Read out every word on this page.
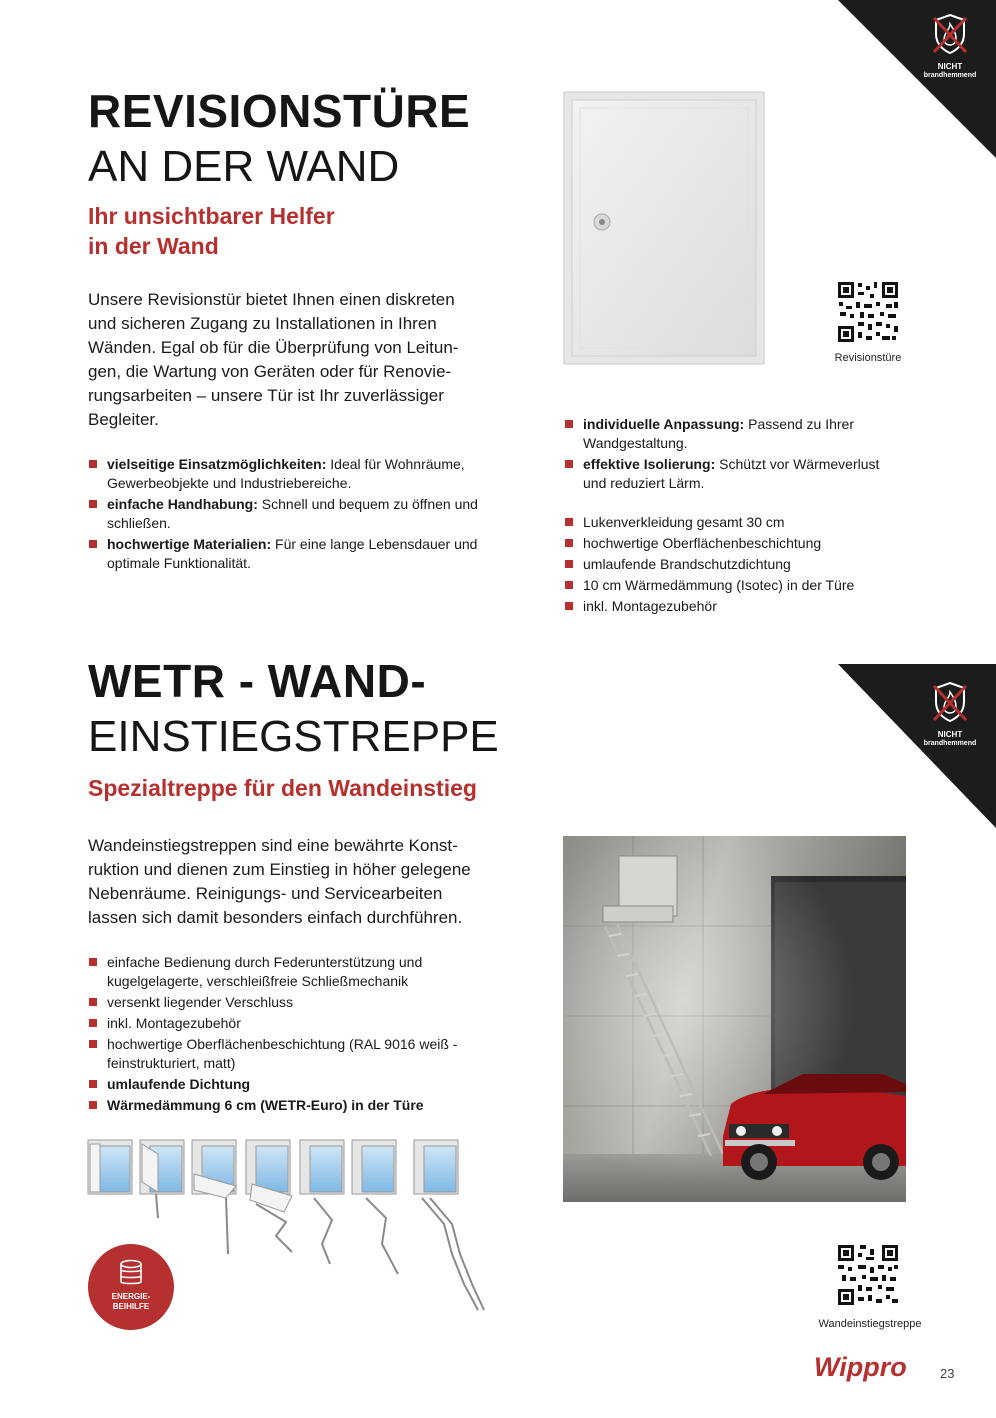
REVISIONSTÜRE
AN DER WAND
Ihr unsichtbarer Helfer
in der Wand
Unsere Revisionstür bietet Ihnen einen diskreten
und sicheren Zugang zu Installationen in Ihren
Wänden. Egal ob für die Überprüfung von Leitun-
gen, die Wartung von Geräten oder für Renovie-
rungsarbeiten – unsere Tür ist Ihr zuverlässiger
Begleiter.
vielseitige Einsatzmöglichkeiten: Ideal für Wohnräume, Gewerbeobjekte und Industriebereiche.
einfache Handhabung: Schnell und bequem zu öffnen und schließen.
hochwertige Materialien: Für eine lange Lebensdauer und optimale Funktionalität.
Revisionstüre
individuelle Anpassung: Passend zu Ihrer Wandgestaltung.
effektive Isolierung: Schützt vor Wärmeverlust und reduziert Lärm.
Lukenverkleidung gesamt 30 cm
hochwertige Oberflächenbeschichtung
umlaufende Brandschutzdichtung
10 cm Wärmedämmung (Isotec) in der Türe
inkl. Montagezubehör
NICHT
brandhemmend
WETR - WAND-
EINSTIEGSTREPPE
Spezialtreppe für den Wandeinstieg
Wandeinstiegstreppen sind eine bewährte Konst-
ruktion und dienen zum Einstieg in höher gelegene
Nebenräume. Reinigungs- und Servicearbeiten
lassen sich damit besonders einfach durchführen.
einfache Bedienung durch Federunterstützung und kugelgelagerte, verschleißfreie Schließmechanik
versenkt liegender Verschluss
inkl. Montagezubehör
hochwertige Oberflächenbeschichtung (RAL 9016 weiß - feinstrukturiert, matt)
umlaufende Dichtung
Wärmedämmung 6 cm (WETR-Euro) in der Türe
ENERGIE-
BEIHILFE
NICHT
brandhemmend
Wandeinstiegstreppe
Wippro	23
